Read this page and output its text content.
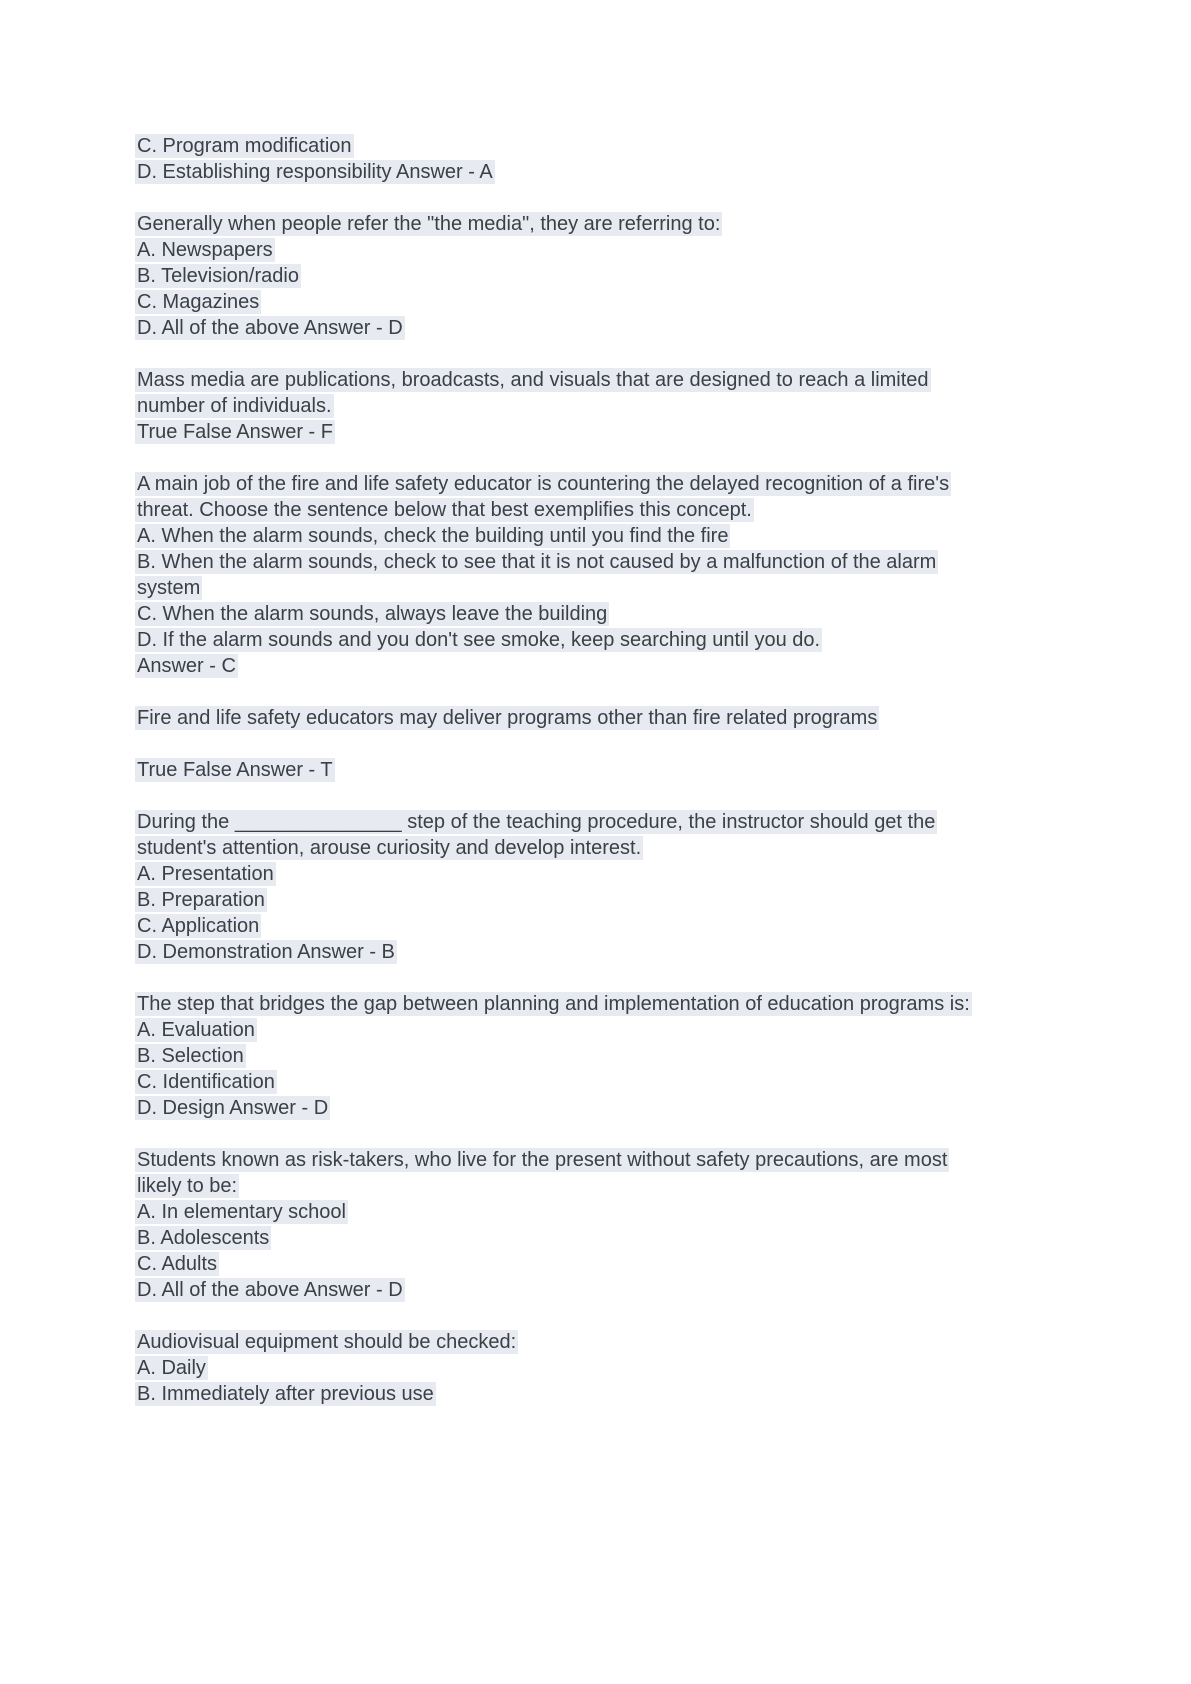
C. Program modification
D. Establishing responsibility Answer - A
Generally when people refer the "the media", they are referring to:
A. Newspapers
B. Television/radio
C. Magazines
D. All of the above Answer - D
Mass media are publications, broadcasts, and visuals that are designed to reach a limited number of individuals.
True False Answer - F
A main job of the fire and life safety educator is countering the delayed recognition of a fire's threat. Choose the sentence below that best exemplifies this concept.
A. When the alarm sounds, check the building until you find the fire
B. When the alarm sounds, check to see that it is not caused by a malfunction of the alarm system
C. When the alarm sounds, always leave the building
D. If the alarm sounds and you don't see smoke, keep searching until you do.
Answer - C
Fire and life safety educators may deliver programs other than fire related programs
True False Answer - T
During the _______________ step of the teaching procedure, the instructor should get the student's attention, arouse curiosity and develop interest.
A. Presentation
B. Preparation
C. Application
D. Demonstration Answer - B
The step that bridges the gap between planning and implementation of education programs is:
A. Evaluation
B. Selection
C. Identification
D. Design Answer - D
Students known as risk-takers, who live for the present without safety precautions, are most likely to be:
A. In elementary school
B. Adolescents
C. Adults
D. All of the above Answer - D
Audiovisual equipment should be checked:
A. Daily
B. Immediately after previous use
